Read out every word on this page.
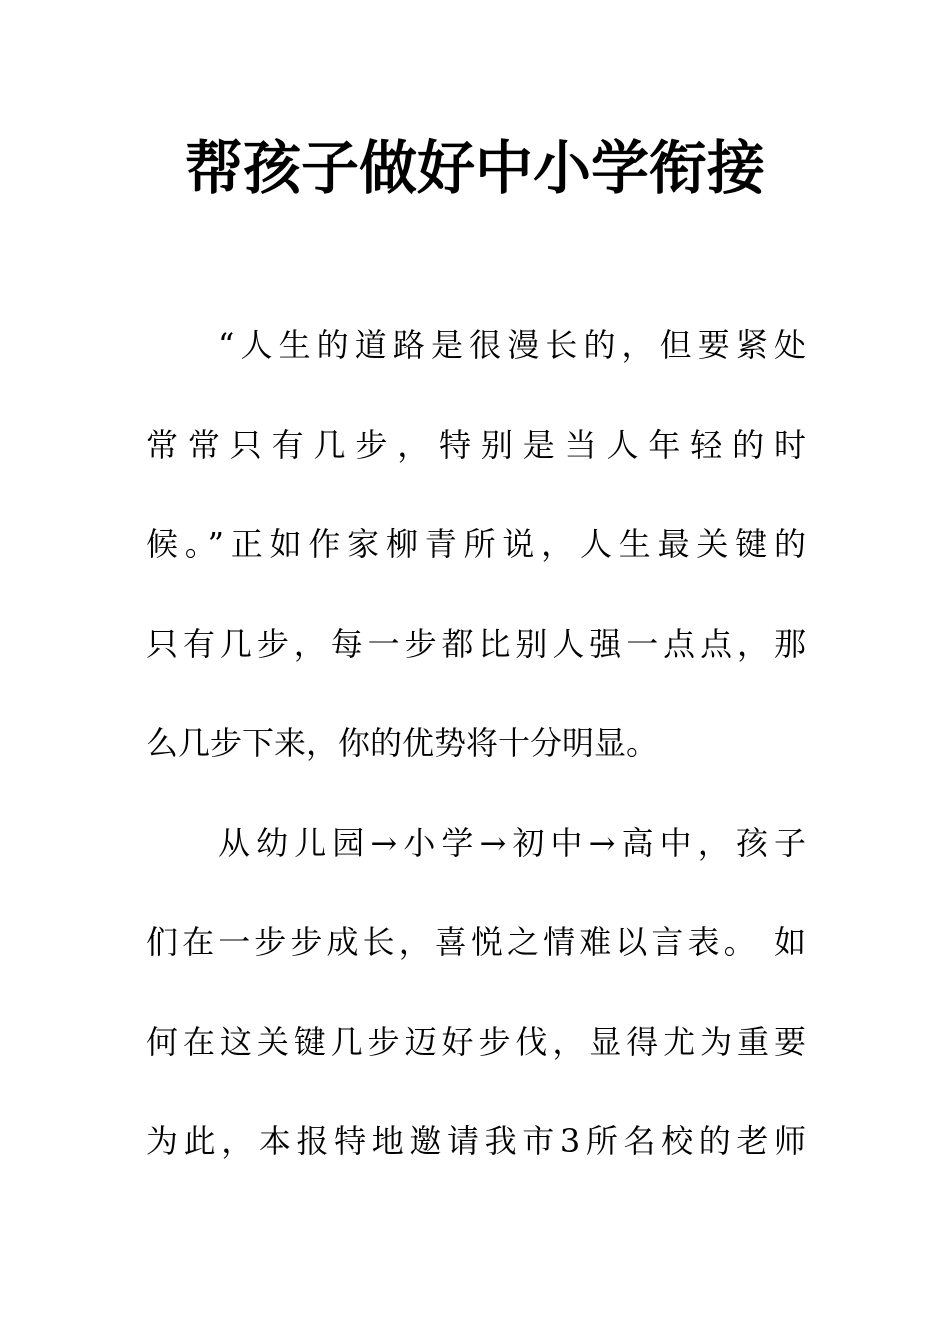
帮孩子做好中小学衔接
“人生的道路是很漫长的，但要紧处
常常只有几步，特别是当人年轻的时
候。”正如作家柳青所说，人生最关键的
只有几步，每一步都比别人强一点点，那
么几步下来，你的优势将十分明显。
从幼儿园→小学→初中→高中，孩子
们在一步步成长，喜悦之情难以言表。 如
何在这关键几步迈好步伐，显得尤为重要
为此，本报特地邀请我市3所名校的老师
